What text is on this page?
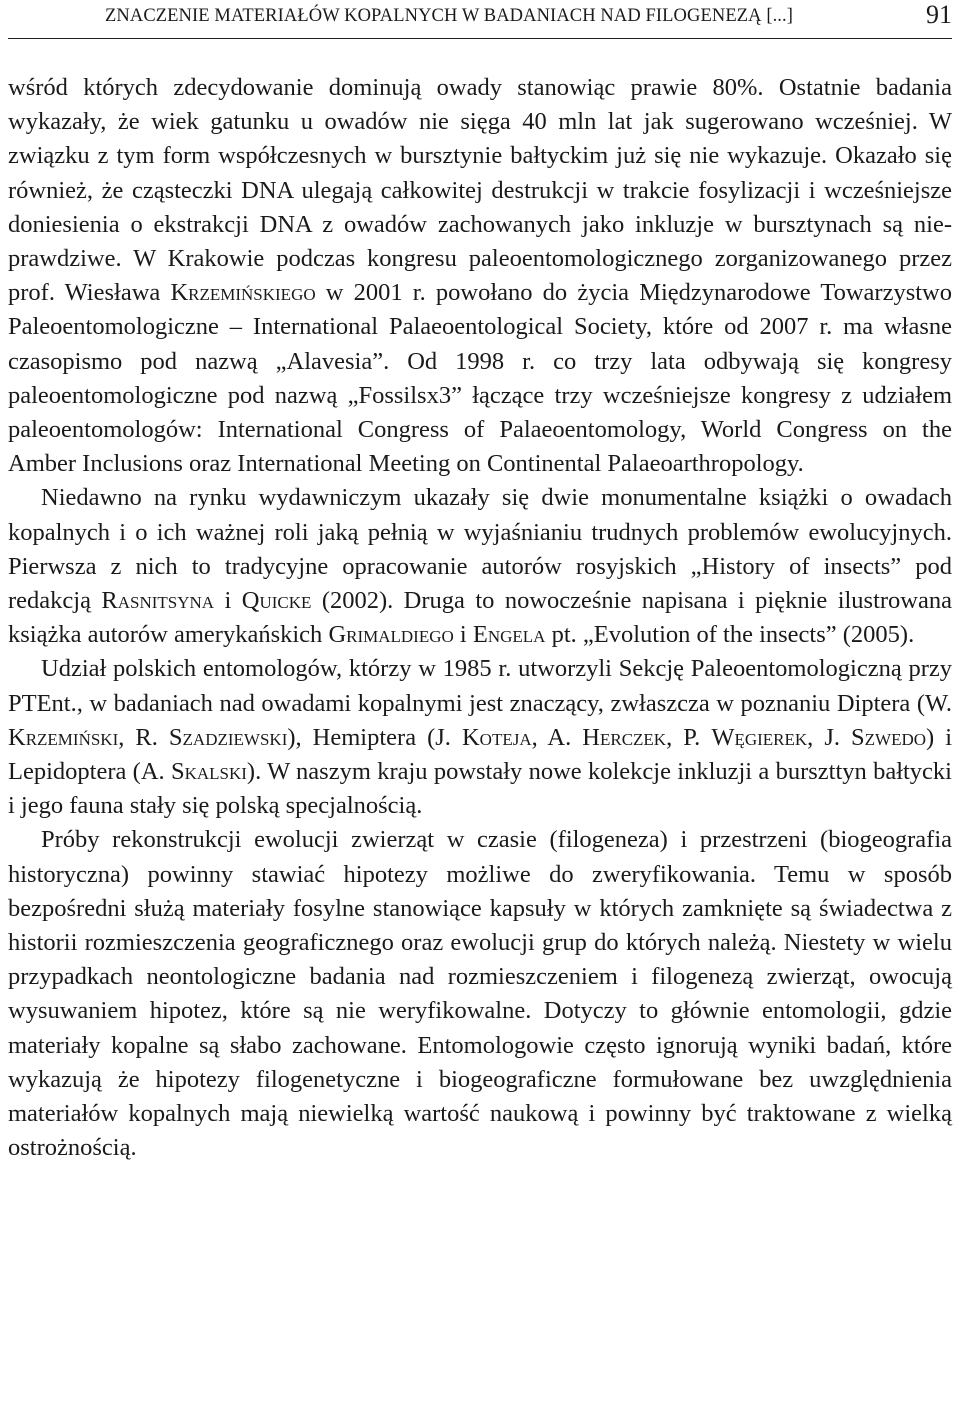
ZNACZENIE MATERIAŁÓW KOPALNYCH W BADANIACH NAD FILOGENEZĄ [...]	91

wśród których zdecydowanie dominują owady stanowiąc prawie 80%. Ostatnie badania wykazały, że wiek gatunku u owadów nie sięga 40 mln lat jak sugerowano wcześniej. W związku z tym form współczesnych w bursztynie bałtyckim już się nie wykazuje. Okazało się również, że cząsteczki DNA ulegają całkowitej destrukcji w trakcie fosylizacji i wcześniejsze doniesienia o ekstrakcji DNA z owadów zachowanych jako inkluzje w bursztynach są nieprawdziwe. W Krakowie podczas kongresu paleoentomologicznego zorganizowanego przez prof. Wiesława Krzemińskiego w 2001 r. powołano do życia Międzynarodowe Towarzystwo Paleoentomologiczne – International Palaeoentological Society, które od 2007 r. ma własne czasopismo pod nazwą „Alavesia”. Od 1998 r. co trzy lata odbywają się kongresy paleoentomologiczne pod nazwą „Fossilsx3” łączące trzy wcześniejsze kongresy z udziałem paleoentomologów: International Congress of Palaeoentomology, World Congress on the Amber Inclusions oraz International Meeting on Continental Palaeoarthropology.

Niedawno na rynku wydawniczym ukazały się dwie monumentalne książki o owadach kopalnych i o ich ważnej roli jaką pełnią w wyjaśnianiu trudnych problemów ewolucyjnych. Pierwsza z nich to tradycyjne opracowanie autorów rosyjskich „History of insects” pod redakcją Rasnitsyna i Quicke (2002). Druga to nowocześnie napisana i pięknie ilustrowana książka autorów amerykańskich Grimaldiego i Engela pt. „Evolution of the insects” (2005).

Udział polskich entomologów, którzy w 1985 r. utworzyli Sekcję Paleoentomologiczną przy PTEnt., w badaniach nad owadami kopalnymi jest znaczący, zwłaszcza w poznaniu Diptera (W. Krzemiński, R. Szadziewski), Hemiptera (J. Koteja, A. Herczek, P. Węgierek, J. Szwedo) i Lepidoptera (A. Skalski). W naszym kraju powstały nowe kolekcje inkluzji a burszttyn bałtycki i jego fauna stały się polską specjalnością.

Próby rekonstrukcji ewolucji zwierząt w czasie (filogeneza) i przestrzeni (biogeografia historyczna) powinny stawiać hipotezy możliwe do zweryfikowania. Temu w sposób bezpośredni służą materiały fosylne stanowiące kapsuły w których zamknięte są świadectwa z historii rozmieszczenia geograficznego oraz ewolucji grup do których należą. Niestety w wielu przypadkach neontologiczne badania nad rozmieszczeniem i filogenezą zwierząt, owocują wysuwaniem hipotez, które są nie weryfikowalne. Dotyczy to głównie entomologii, gdzie materiały kopalne są słabo zachowane. Entomologowie często ignorują wyniki badań, które wykazują że hipotezy filogenetyczne i biogeograficzne formułowane bez uwzględnienia materiałów kopalnych mają niewielką wartość naukową i powinny być traktowane z wielką ostrożnością.
